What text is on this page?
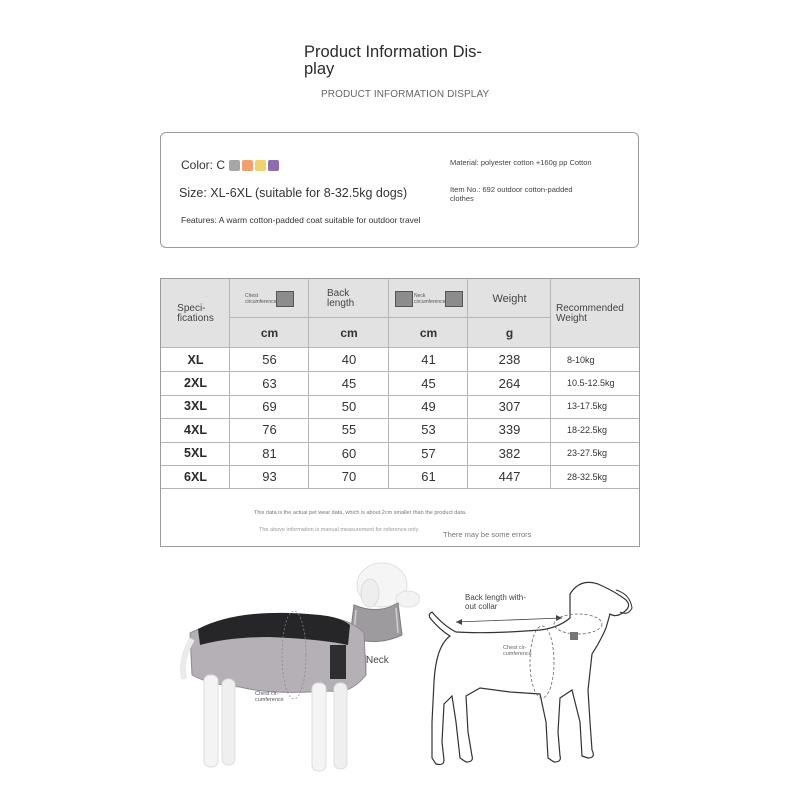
Product Information Dis-
play
PRODUCT INFORMATION DISPLAY
Color: C
Size: XL-6XL (suitable for 8-32.5kg dogs)
Features: A warm cotton-padded coat suitable for outdoor travel
Material: polyester cotton +160g pp Cotton
Item No.: 692 outdoor cotton-padded clothes
Speci-
fications
Chest circumference
Back
length
Neck circumference	Weight
Recommended
Weight
cm	cm	cm	g
XL	56	40	41	238	8-10kg
2XL	63	45	45	264	10.5-12.5kg
3XL	69	50	49	307	13-17.5kg
4XL	76	55	53	339	18-22.5kg
5XL	81	60	57	382	23-27.5kg
6XL	93	70	61	447	28-32.5kg
This data is the actual pet wear data, which is about 2cm smaller than the product data.
The above information is manual measurement for reference only.	There may be some errors
Neck
Chest cir-
cumference
Back length with-
out collar
Chest cir-
cumference
